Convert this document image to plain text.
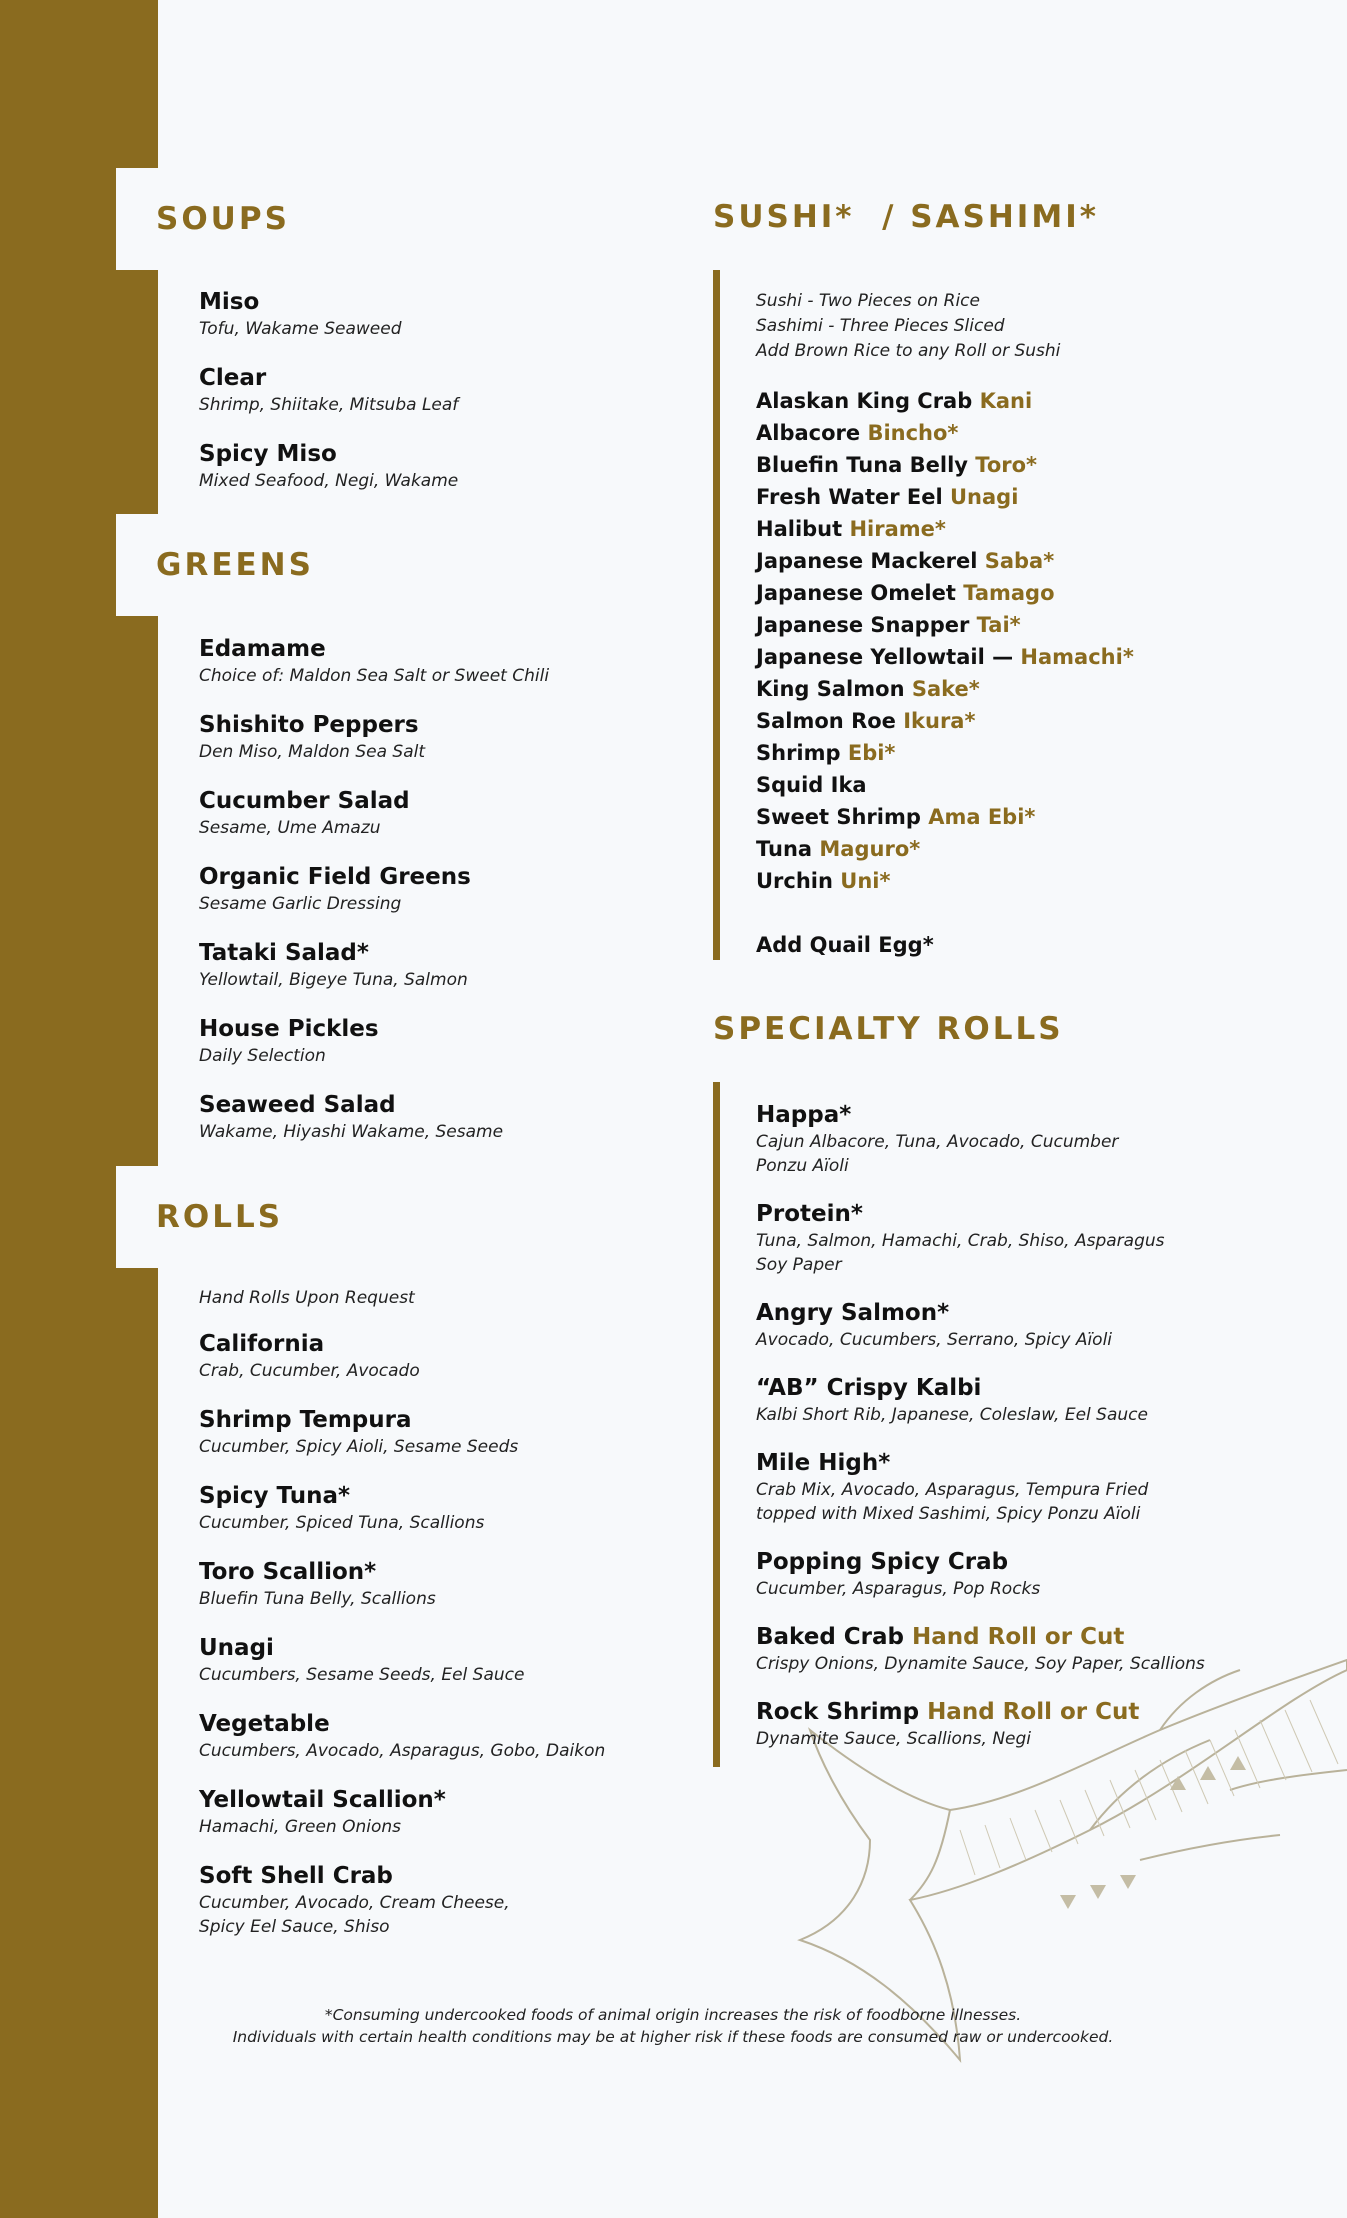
SOUPS
Miso
Tofu, Wakame Seaweed
Clear
Shrimp, Shiitake, Mitsuba Leaf
Spicy Miso
Mixed Seafood, Negi, Wakame
GREENS
Edamame
Choice of: Maldon Sea Salt or Sweet Chili
Shishito Peppers
Den Miso, Maldon Sea Salt
Cucumber Salad
Sesame, Ume Amazu
Organic Field Greens
Sesame Garlic Dressing
Tataki Salad*
Yellowtail, Bigeye Tuna, Salmon
House Pickles
Daily Selection
Seaweed Salad
Wakame, Hiyashi Wakame, Sesame
ROLLS
Hand Rolls Upon Request
California
Crab, Cucumber, Avocado
Shrimp Tempura
Cucumber, Spicy Aioli, Sesame Seeds
Spicy Tuna*
Cucumber, Spiced Tuna, Scallions
Toro Scallion*
Bluefin Tuna Belly, Scallions
Unagi
Cucumbers, Sesame Seeds, Eel Sauce
Vegetable
Cucumbers, Avocado, Asparagus, Gobo, Daikon
Yellowtail Scallion*
Hamachi, Green Onions
Soft Shell Crab
Cucumber, Avocado, Cream Cheese,
Spicy Eel Sauce, Shiso
SUSHI*  / SASHIMI*
Sushi - Two Pieces on Rice
Sashimi - Three Pieces Sliced
Add Brown Rice to any Roll or Sushi
Alaskan King Crab Kani
Albacore Bincho*
Bluefin Tuna Belly Toro*
Fresh Water Eel Unagi
Halibut Hirame*
Japanese Mackerel Saba*
Japanese Omelet Tamago
Japanese Snapper Tai*
Japanese Yellowtail — Hamachi*
King Salmon Sake*
Salmon Roe Ikura*
Shrimp Ebi*
Squid Ika
Sweet Shrimp Ama Ebi*
Tuna Maguro*
Urchin Uni*
Add Quail Egg*
SPECIALTY ROLLS
Happa*
Cajun Albacore, Tuna, Avocado, Cucumber
Ponzu Aïoli
Protein*
Tuna, Salmon, Hamachi, Crab, Shiso, Asparagus
Soy Paper
Angry Salmon*
Avocado, Cucumbers, Serrano, Spicy Aïoli
“AB” Crispy Kalbi
Kalbi Short Rib, Japanese, Coleslaw, Eel Sauce
Mile High*
Crab Mix, Avocado, Asparagus, Tempura Fried
topped with Mixed Sashimi, Spicy Ponzu Aïoli
Popping Spicy Crab
Cucumber, Asparagus, Pop Rocks
Baked Crab Hand Roll or Cut
Crispy Onions, Dynamite Sauce, Soy Paper, Scallions
Rock Shrimp Hand Roll or Cut
Dynamite Sauce, Scallions, Negi
*Consuming undercooked foods of animal origin increases the risk of foodborne illnesses.
Individuals with certain health conditions may be at higher risk if these foods are consumed raw or undercooked.
